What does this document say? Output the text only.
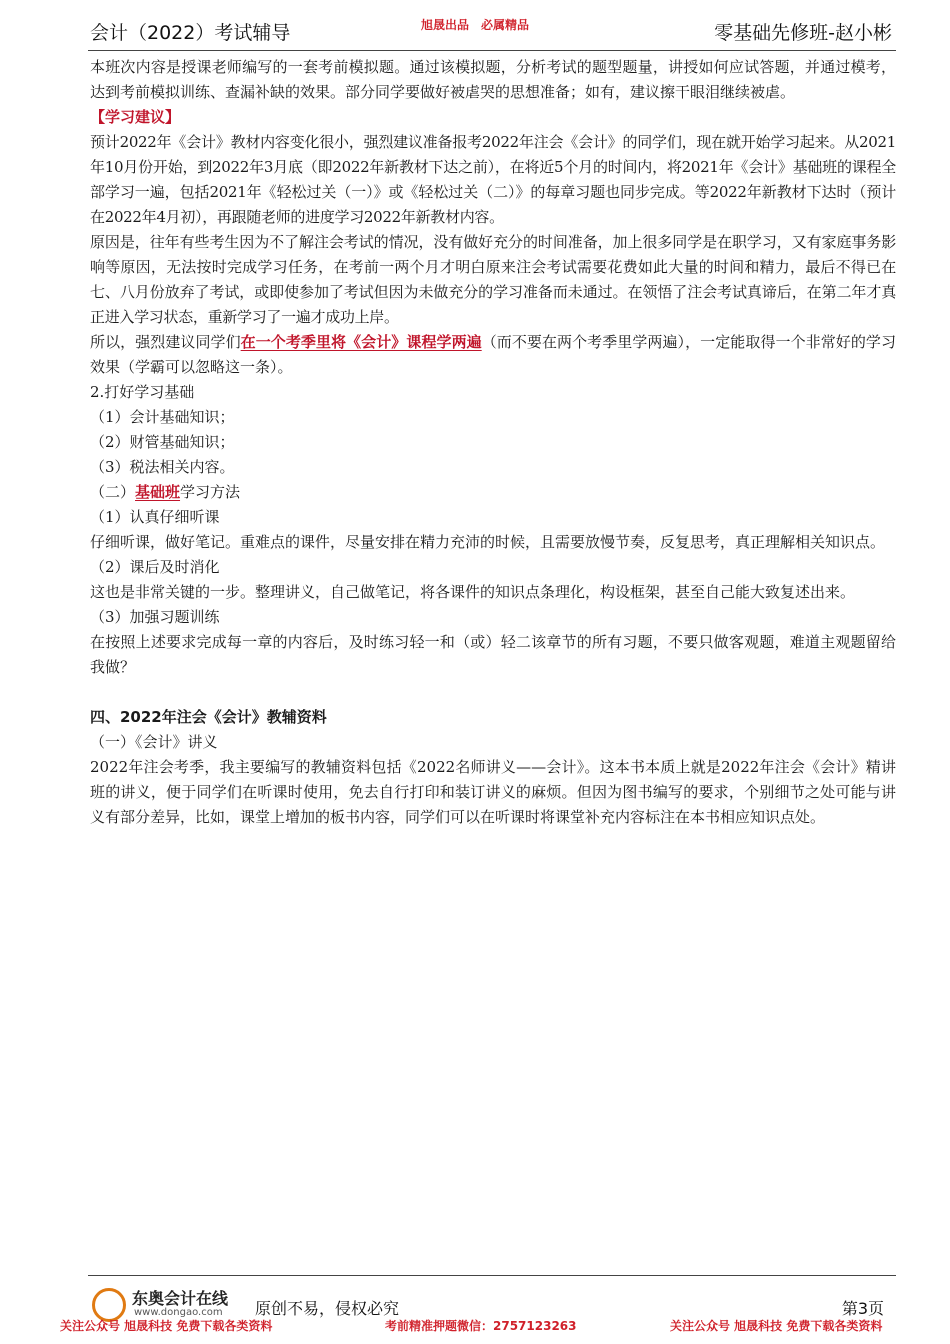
会计（2022）考试辅导	旭晟出品　必属精品	零基础先修班-赵小彬

本班次内容是授课老师编写的一套考前模拟题。通过该模拟题，分析考试的题型题量，讲授如何应试答题，并通过模考，达到考前模拟训练、查漏补缺的效果。部分同学要做好被虐哭的思想准备；如有，建议擦干眼泪继续被虐。

【学习建议】

预计2022年《会计》教材内容变化很小，强烈建议准备报考2022年注会《会计》的同学们，现在就开始学习起来。从2021年10月份开始，到2022年3月底（即2022年新教材下达之前），在将近5个月的时间内，将2021年《会计》基础班的课程全部学习一遍，包括2021年《轻松过关（一）》或《轻松过关（二）》的每章习题也同步完成。等2022年新教材下达时（预计在2022年4月初），再跟随老师的进度学习2022年新教材内容。

原因是，往年有些考生因为不了解注会考试的情况，没有做好充分的时间准备，加上很多同学是在职学习，又有家庭事务影响等原因，无法按时完成学习任务，在考前一两个月才明白原来注会考试需要花费如此大量的时间和精力，最后不得已在七、八月份放弃了考试，或即使参加了考试但因为未做充分的学习准备而未通过。在领悟了注会考试真谛后，在第二年才真正进入学习状态，重新学习了一遍才成功上岸。

所以，强烈建议同学们在一个考季里将《会计》课程学两遍（而不要在两个考季里学两遍），一定能取得一个非常好的学习效果（学霸可以忽略这一条）。

2.打好学习基础

（1）会计基础知识；

（2）财管基础知识；

（3）税法相关内容。

（二）基础班学习方法

（1）认真仔细听课

仔细听课，做好笔记。重难点的课件，尽量安排在精力充沛的时候，且需要放慢节奏，反复思考，真正理解相关知识点。

（2）课后及时消化

这也是非常关键的一步。整理讲义，自己做笔记，将各课件的知识点条理化，构设框架，甚至自己能大致复述出来。

（3）加强习题训练

在按照上述要求完成每一章的内容后，及时练习轻一和（或）轻二该章节的所有习题，不要只做客观题，难道主观题留给我做？

四、2022年注会《会计》教辅资料

（一）《会计》讲义

2022年注会考季，我主要编写的教辅资料包括《2022名师讲义——会计》。这本书本质上就是2022年注会《会计》精讲班的讲义，便于同学们在听课时使用，免去自行打印和装订讲义的麻烦。但因为图书编写的要求，个别细节之处可能与讲义有部分差异，比如，课堂上增加的板书内容，同学们可以在听课时将课堂补充内容标注在本书相应知识点处。

东奥会计在线
www.dongao.com 原创不易，侵权必究	第3页
关注公众号 旭晟科技 免费下载各类资料	考前精准押题微信：2757123263	关注公众号 旭晟科技 免费下载各类资料
